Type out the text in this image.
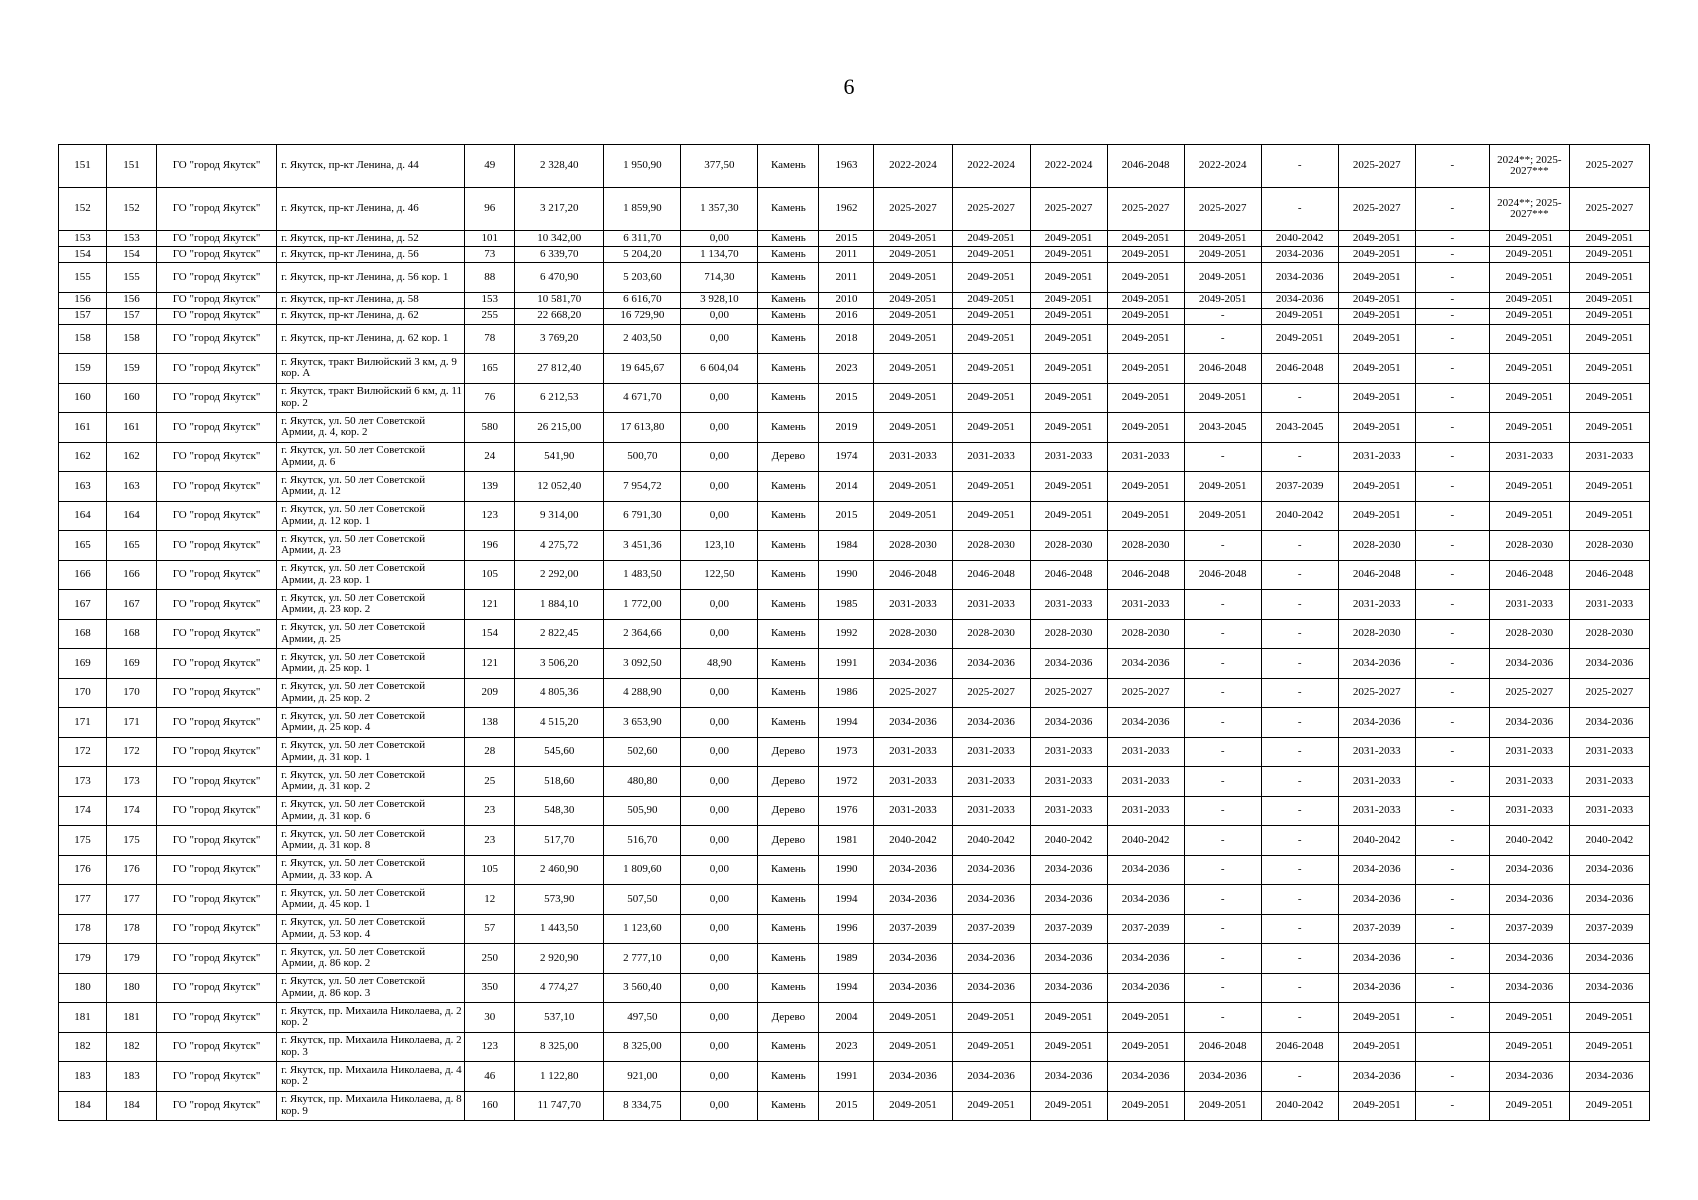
6
151	151	ГО "город Якутск"	г. Якутск, пр-кт Ленина, д. 44	49	2 328,40	1 950,90	377,50	Камень	1963	2022-2024	2022-2024	2022-2024	2046-2048	2022-2024	-	2025-2027	-	2024**; 2025-2027***	2025-2027
152	152	ГО "город Якутск"	г. Якутск, пр-кт Ленина, д. 46	96	3 217,20	1 859,90	1 357,30	Камень	1962	2025-2027	2025-2027	2025-2027	2025-2027	2025-2027	-	2025-2027	-	2024**; 2025-2027***	2025-2027
153	153	ГО "город Якутск"	г. Якутск, пр-кт Ленина, д. 52	101	10 342,00	6 311,70	0,00	Камень	2015	2049-2051	2049-2051	2049-2051	2049-2051	2049-2051	2040-2042	2049-2051	-	2049-2051	2049-2051
154	154	ГО "город Якутск"	г. Якутск, пр-кт Ленина, д. 56	73	6 339,70	5 204,20	1 134,70	Камень	2011	2049-2051	2049-2051	2049-2051	2049-2051	2049-2051	2034-2036	2049-2051	-	2049-2051	2049-2051
155	155	ГО "город Якутск"	г. Якутск, пр-кт Ленина, д. 56 кор. 1	88	6 470,90	5 203,60	714,30	Камень	2011	2049-2051	2049-2051	2049-2051	2049-2051	2049-2051	2034-2036	2049-2051	-	2049-2051	2049-2051
156	156	ГО "город Якутск"	г. Якутск, пр-кт Ленина, д. 58	153	10 581,70	6 616,70	3 928,10	Камень	2010	2049-2051	2049-2051	2049-2051	2049-2051	2049-2051	2034-2036	2049-2051	-	2049-2051	2049-2051
157	157	ГО "город Якутск"	г. Якутск, пр-кт Ленина, д. 62	255	22 668,20	16 729,90	0,00	Камень	2016	2049-2051	2049-2051	2049-2051	2049-2051	-	2049-2051	2049-2051	-	2049-2051	2049-2051
158	158	ГО "город Якутск"	г. Якутск, пр-кт Ленина, д. 62 кор. 1	78	3 769,20	2 403,50	0,00	Камень	2018	2049-2051	2049-2051	2049-2051	2049-2051	-	2049-2051	2049-2051	-	2049-2051	2049-2051
159	159	ГО "город Якутск"	г. Якутск, тракт Вилюйский 3 км, д. 9 кор. А	165	27 812,40	19 645,67	6 604,04	Камень	2023	2049-2051	2049-2051	2049-2051	2049-2051	2046-2048	2046-2048	2049-2051	-	2049-2051	2049-2051
160	160	ГО "город Якутск"	г. Якутск, тракт Вилюйский 6 км, д. 11 кор. 2	76	6 212,53	4 671,70	0,00	Камень	2015	2049-2051	2049-2051	2049-2051	2049-2051	2049-2051	-	2049-2051	-	2049-2051	2049-2051
161	161	ГО "город Якутск"	г. Якутск, ул. 50 лет Советской Армии, д. 4, кор. 2	580	26 215,00	17 613,80	0,00	Камень	2019	2049-2051	2049-2051	2049-2051	2049-2051	2043-2045	2043-2045	2049-2051	-	2049-2051	2049-2051
162	162	ГО "город Якутск"	г. Якутск, ул. 50 лет Советской Армии, д. 6	24	541,90	500,70	0,00	Дерево	1974	2031-2033	2031-2033	2031-2033	2031-2033	-	-	2031-2033	-	2031-2033	2031-2033
163	163	ГО "город Якутск"	г. Якутск, ул. 50 лет Советской Армии, д. 12	139	12 052,40	7 954,72	0,00	Камень	2014	2049-2051	2049-2051	2049-2051	2049-2051	2049-2051	2037-2039	2049-2051	-	2049-2051	2049-2051
164	164	ГО "город Якутск"	г. Якутск, ул. 50 лет Советской Армии, д. 12 кор. 1	123	9 314,00	6 791,30	0,00	Камень	2015	2049-2051	2049-2051	2049-2051	2049-2051	2049-2051	2040-2042	2049-2051	-	2049-2051	2049-2051
165	165	ГО "город Якутск"	г. Якутск, ул. 50 лет Советской Армии, д. 23	196	4 275,72	3 451,36	123,10	Камень	1984	2028-2030	2028-2030	2028-2030	2028-2030	-	-	2028-2030	-	2028-2030	2028-2030
166	166	ГО "город Якутск"	г. Якутск, ул. 50 лет Советской Армии, д. 23 кор. 1	105	2 292,00	1 483,50	122,50	Камень	1990	2046-2048	2046-2048	2046-2048	2046-2048	2046-2048	-	2046-2048	-	2046-2048	2046-2048
167	167	ГО "город Якутск"	г. Якутск, ул. 50 лет Советской Армии, д. 23 кор. 2	121	1 884,10	1 772,00	0,00	Камень	1985	2031-2033	2031-2033	2031-2033	2031-2033	-	-	2031-2033	-	2031-2033	2031-2033
168	168	ГО "город Якутск"	г. Якутск, ул. 50 лет Советской Армии, д. 25	154	2 822,45	2 364,66	0,00	Камень	1992	2028-2030	2028-2030	2028-2030	2028-2030	-	-	2028-2030	-	2028-2030	2028-2030
169	169	ГО "город Якутск"	г. Якутск, ул. 50 лет Советской Армии, д. 25 кор. 1	121	3 506,20	3 092,50	48,90	Камень	1991	2034-2036	2034-2036	2034-2036	2034-2036	-	-	2034-2036	-	2034-2036	2034-2036
170	170	ГО "город Якутск"	г. Якутск, ул. 50 лет Советской Армии, д. 25 кор. 2	209	4 805,36	4 288,90	0,00	Камень	1986	2025-2027	2025-2027	2025-2027	2025-2027	-	-	2025-2027	-	2025-2027	2025-2027
171	171	ГО "город Якутск"	г. Якутск, ул. 50 лет Советской Армии, д. 25 кор. 4	138	4 515,20	3 653,90	0,00	Камень	1994	2034-2036	2034-2036	2034-2036	2034-2036	-	-	2034-2036	-	2034-2036	2034-2036
172	172	ГО "город Якутск"	г. Якутск, ул. 50 лет Советской Армии, д. 31 кор. 1	28	545,60	502,60	0,00	Дерево	1973	2031-2033	2031-2033	2031-2033	2031-2033	-	-	2031-2033	-	2031-2033	2031-2033
173	173	ГО "город Якутск"	г. Якутск, ул. 50 лет Советской Армии, д. 31 кор. 2	25	518,60	480,80	0,00	Дерево	1972	2031-2033	2031-2033	2031-2033	2031-2033	-	-	2031-2033	-	2031-2033	2031-2033
174	174	ГО "город Якутск"	г. Якутск, ул. 50 лет Советской Армии, д. 31 кор. 6	23	548,30	505,90	0,00	Дерево	1976	2031-2033	2031-2033	2031-2033	2031-2033	-	-	2031-2033	-	2031-2033	2031-2033
175	175	ГО "город Якутск"	г. Якутск, ул. 50 лет Советской Армии, д. 31 кор. 8	23	517,70	516,70	0,00	Дерево	1981	2040-2042	2040-2042	2040-2042	2040-2042	-	-	2040-2042	-	2040-2042	2040-2042
176	176	ГО "город Якутск"	г. Якутск, ул. 50 лет Советской Армии, д. 33 кор. А	105	2 460,90	1 809,60	0,00	Камень	1990	2034-2036	2034-2036	2034-2036	2034-2036	-	-	2034-2036	-	2034-2036	2034-2036
177	177	ГО "город Якутск"	г. Якутск, ул. 50 лет Советской Армии, д. 45 кор. 1	12	573,90	507,50	0,00	Камень	1994	2034-2036	2034-2036	2034-2036	2034-2036	-	-	2034-2036	-	2034-2036	2034-2036
178	178	ГО "город Якутск"	г. Якутск, ул. 50 лет Советской Армии, д. 53 кор. 4	57	1 443,50	1 123,60	0,00	Камень	1996	2037-2039	2037-2039	2037-2039	2037-2039	-	-	2037-2039	-	2037-2039	2037-2039
179	179	ГО "город Якутск"	г. Якутск, ул. 50 лет Советской Армии, д. 86 кор. 2	250	2 920,90	2 777,10	0,00	Камень	1989	2034-2036	2034-2036	2034-2036	2034-2036	-	-	2034-2036	-	2034-2036	2034-2036
180	180	ГО "город Якутск"	г. Якутск, ул. 50 лет Советской Армии, д. 86 кор. 3	350	4 774,27	3 560,40	0,00	Камень	1994	2034-2036	2034-2036	2034-2036	2034-2036	-	-	2034-2036	-	2034-2036	2034-2036
181	181	ГО "город Якутск"	г. Якутск, пр. Михаила Николаева, д. 2 кор. 2	30	537,10	497,50	0,00	Дерево	2004	2049-2051	2049-2051	2049-2051	2049-2051	-	-	2049-2051	-	2049-2051	2049-2051
182	182	ГО "город Якутск"	г. Якутск, пр. Михаила Николаева, д. 2 кор. 3	123	8 325,00	8 325,00	0,00	Камень	2023	2049-2051	2049-2051	2049-2051	2049-2051	2046-2048	2046-2048	2049-2051		2049-2051	2049-2051
183	183	ГО "город Якутск"	г. Якутск, пр. Михаила Николаева, д. 4 кор. 2	46	1 122,80	921,00	0,00	Камень	1991	2034-2036	2034-2036	2034-2036	2034-2036	2034-2036	-	2034-2036	-	2034-2036	2034-2036
184	184	ГО "город Якутск"	г. Якутск, пр. Михаила Николаева, д. 8 кор. 9	160	11 747,70	8 334,75	0,00	Камень	2015	2049-2051	2049-2051	2049-2051	2049-2051	2049-2051	2040-2042	2049-2051	-	2049-2051	2049-2051
